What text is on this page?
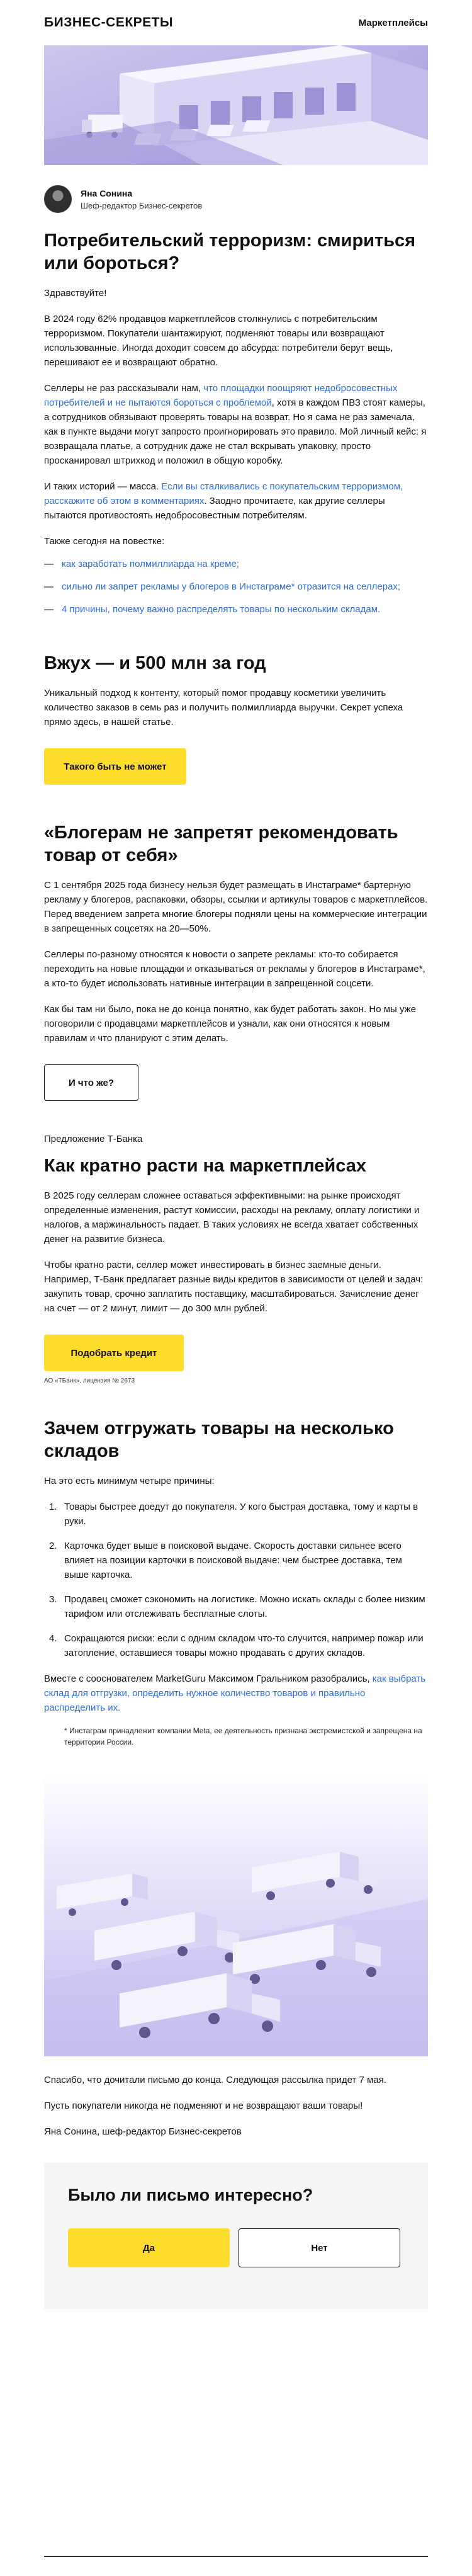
БИЗНЕС-СЕКРЕТЫ	Маркетплейсы
Яна Сонина
Шеф-редактор Бизнес-секретов
Потребительский терроризм: смириться или бороться?

Здравствуйте!

В 2024 году 62% продавцов маркетплейсов столкнулись с потребительским терроризмом. Покупатели шантажируют, подменяют товары или возвращают использованные. Иногда доходит совсем до абсурда: потребители берут вещь, перешивают ее и возвращают обратно.

Селлеры не раз рассказывали нам, что площадки поощряют недобросовестных потребителей и не пытаются бороться с проблемой, хотя в каждом ПВЗ стоят камеры, а сотрудников обязывают проверять товары на возврат. Но я сама не раз замечала, как в пункте выдачи могут запросто проигнорировать это правило. Мой личный кейс: я возвращала платье, а сотрудник даже не стал вскрывать упаковку, просто просканировал штрихкод и положил в общую коробку.

И таких историй — масса. Если вы сталкивались с покупательским терроризмом, расскажите об этом в комментариях. Заодно прочитаете, как другие селлеры пытаются противостоять недобросовестным потребителям.

Также сегодня на повестке:

— как заработать полмиллиарда на креме;
— сильно ли запрет рекламы у блогеров в Инстаграме* отразится на селлерах;
— 4 причины, почему важно распределять товары по нескольким складам.
Вжух — и 500 млн за год

Уникальный подход к контенту, который помог продавцу косметики увеличить количество заказов в семь раз и получить полмиллиарда выручки. Секрет успеха прямо здесь, в нашей статье.

Такого быть не может
«Блогерам не запретят рекомендовать товар от себя»

С 1 сентября 2025 года бизнесу нельзя будет размещать в Инстаграме* бартерную рекламу у блогеров, распаковки, обзоры, ссылки и артикулы товаров с маркетплейсов. Перед введением запрета многие блогеры подняли цены на коммерческие интеграции в запрещенных соцсетях на 20—50%.

Селлеры по-разному относятся к новости о запрете рекламы: кто-то собирается переходить на новые площадки и отказываться от рекламы у блогеров в Инстаграме*, а кто-то будет использовать нативные интеграции в запрещенной соцсети.

Как бы там ни было, пока не до конца понятно, как будет работать закон. Но мы уже поговорили с продавцами маркетплейсов и узнали, как они относятся к новым правилам и что планируют с этим делать.

И что же?
Предложение Т-Банка
Как кратно расти на маркетплейсах

В 2025 году селлерам сложнее оставаться эффективными: на рынке происходят определенные изменения, растут комиссии, расходы на рекламу, оплату логистики и налогов, а маржинальность падает. В таких условиях не всегда хватает собственных денег на развитие бизнеса.

Чтобы кратно расти, селлер может инвестировать в бизнес заемные деньги. Например, Т-Банк предлагает разные виды кредитов в зависимости от целей и задач: закупить товар, срочно заплатить поставщику, масштабироваться. Зачисление денег на счет — от 2 минут, лимит — до 300 млн рублей.

Подобрать кредит
АО «ТБанк», лицензия № 2673
Зачем отгружать товары на несколько складов

На это есть минимум четыре причины:

1. Товары быстрее доедут до покупателя. У кого быстрая доставка, тому и карты в руки.
2. Карточка будет выше в поисковой выдаче. Скорость доставки сильнее всего влияет на позиции карточки в поисковой выдаче: чем быстрее доставка, тем выше карточка.
3. Продавец сможет сэкономить на логистике. Можно искать склады с более низким тарифом или отслеживать бесплатные слоты.
4. Сокращаются риски: если с одним складом что-то случится, например пожар или затопление, оставшиеся товары можно продавать с других складов.

Вместе с сооснователем MarketGuru Максимом Гральником разобрались, как выбрать склад для отгрузки, определить нужное количество товаров и правильно распределить их.

* Инстаграм принадлежит компании Meta, ее деятельность признана экстремистской и запрещена на территории России.

Спасибо, что дочитали письмо до конца. Следующая рассылка придет 7 мая.

Пусть покупатели никогда не подменяют и не возвращают ваши товары!

Яна Сонина, шеф-редактор Бизнес-секретов

Было ли письмо интересно?
Да	Нет
